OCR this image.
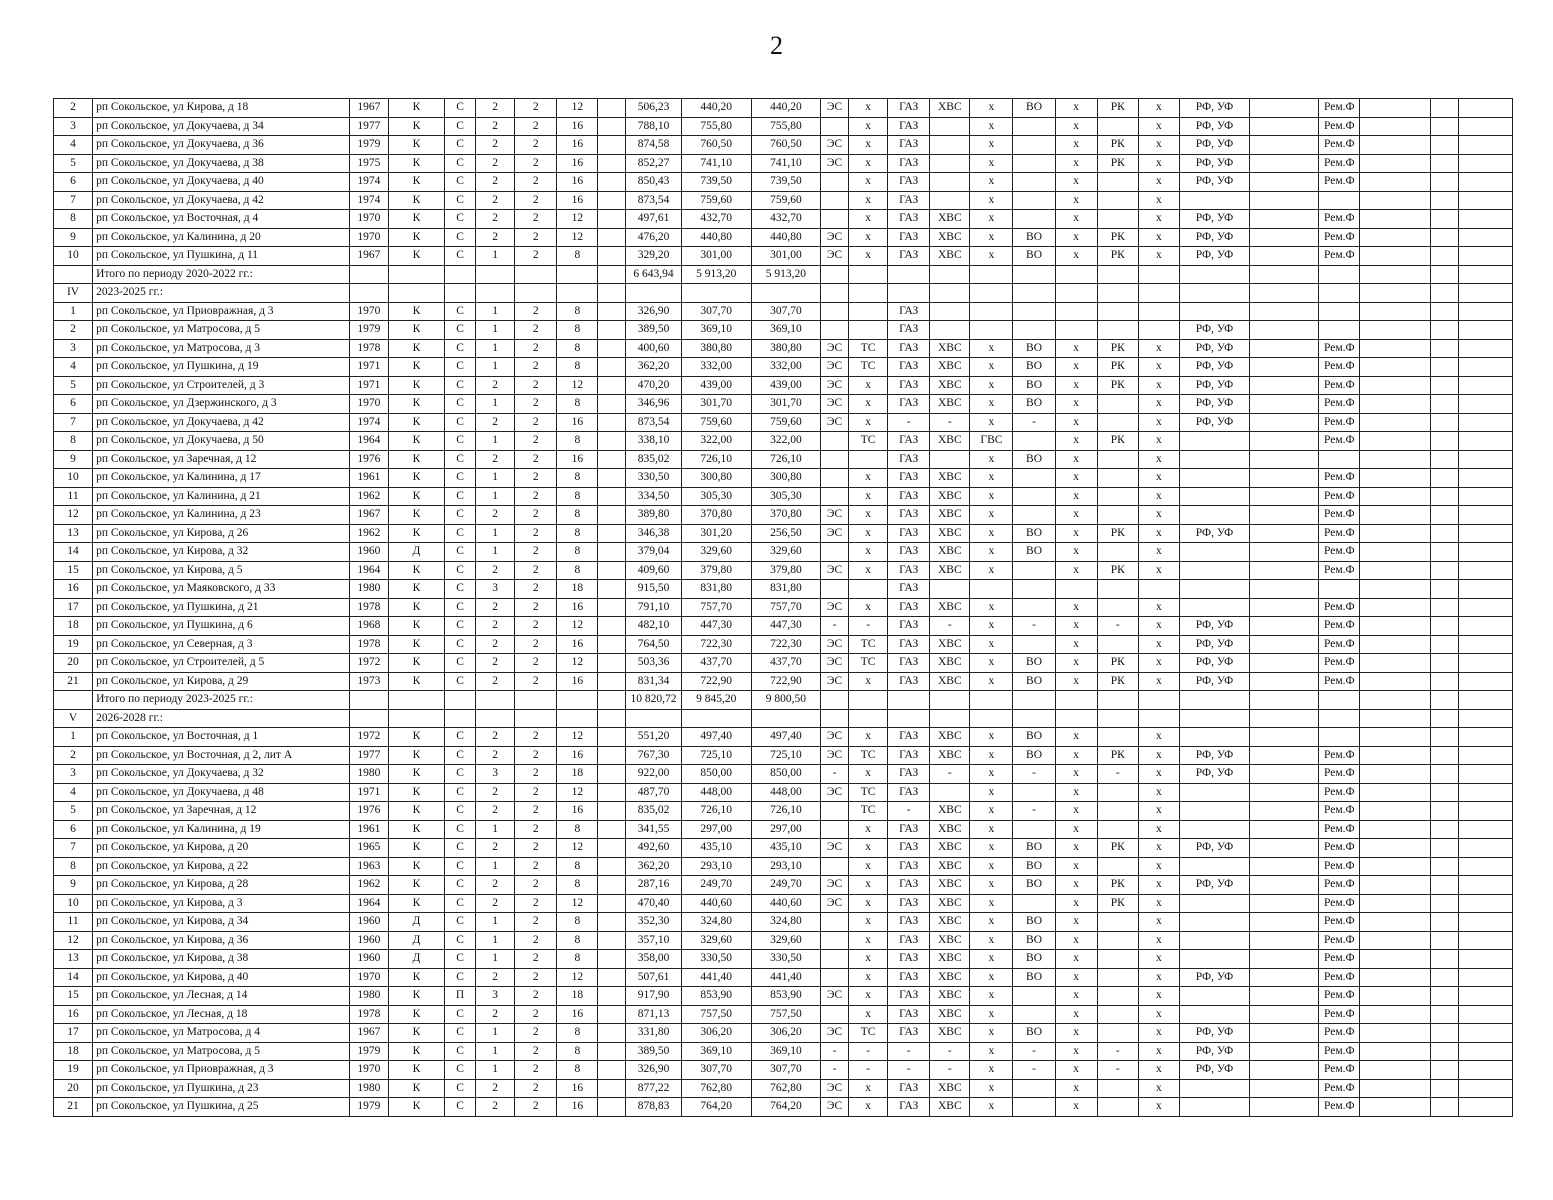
2
2	рп Сокольское, ул Кирова, д 18	1967	К	С	2	2	12		506,23	440,20	440,20	ЭС	х	ГАЗ	ХВС	х	ВО	х	РК	х	РФ, УФ		Рем.Ф			
3	рп Сокольское, ул Докучаева, д 34	1977	К	С	2	2	16		788,10	755,80	755,80		х	ГАЗ		х		х		х	РФ, УФ		Рем.Ф			
4	рп Сокольское, ул Докучаева, д 36	1979	К	С	2	2	16		874,58	760,50	760,50	ЭС	х	ГАЗ		х		х	РК	х	РФ, УФ		Рем.Ф			
5	рп Сокольское, ул Докучаева, д 38	1975	К	С	2	2	16		852,27	741,10	741,10	ЭС	х	ГАЗ		х		х	РК	х	РФ, УФ		Рем.Ф			
6	рп Сокольское, ул Докучаева, д 40	1974	К	С	2	2	16		850,43	739,50	739,50		х	ГАЗ		х		х		х	РФ, УФ		Рем.Ф			
7	рп Сокольское, ул Докучаева, д 42	1974	К	С	2	2	16		873,54	759,60	759,60		х	ГАЗ		х		х		х						
8	рп Сокольское, ул Восточная, д 4	1970	К	С	2	2	12		497,61	432,70	432,70		х	ГАЗ	ХВС	х		х		х	РФ, УФ		Рем.Ф			
9	рп Сокольское, ул Калинина, д 20	1970	К	С	2	2	12		476,20	440,80	440,80	ЭС	х	ГАЗ	ХВС	х	ВО	х	РК	х	РФ, УФ		Рем.Ф			
10	рп Сокольское, ул Пушкина, д 11	1967	К	С	1	2	8		329,20	301,00	301,00	ЭС	х	ГАЗ	ХВС	х	ВО	х	РК	х	РФ, УФ		Рем.Ф			
	Итого по периоду 2020-2022 гг.:								6 643,94	5 913,20	5 913,20															
IV	2023-2025 гг.:																									
1	рп Сокольское, ул Приовражная, д 3	1970	К	С	1	2	8		326,90	307,70	307,70			ГАЗ												
2	рп Сокольское, ул Матросова, д 5	1979	К	С	1	2	8		389,50	369,10	369,10			ГАЗ							РФ, УФ					
3	рп Сокольское, ул Матросова, д 3	1978	К	С	1	2	8		400,60	380,80	380,80	ЭС	ТС	ГАЗ	ХВС	х	ВО	х	РК	х	РФ, УФ		Рем.Ф			
4	рп Сокольское, ул Пушкина, д 19	1971	К	С	1	2	8		362,20	332,00	332,00	ЭС	ТС	ГАЗ	ХВС	х	ВО	х	РК	х	РФ, УФ		Рем.Ф			
5	рп Сокольское, ул Строителей, д 3	1971	К	С	2	2	12		470,20	439,00	439,00	ЭС	х	ГАЗ	ХВС	х	ВО	х	РК	х	РФ, УФ		Рем.Ф			
6	рп Сокольское, ул Дзержинского, д 3	1970	К	С	1	2	8		346,96	301,70	301,70	ЭС	х	ГАЗ	ХВС	х	ВО	х		х	РФ, УФ		Рем.Ф			
7	рп Сокольское, ул Докучаева, д 42	1974	К	С	2	2	16		873,54	759,60	759,60	ЭС	х	-	-	х	-	х		х	РФ, УФ		Рем.Ф			
8	рп Сокольское, ул Докучаева, д 50	1964	К	С	1	2	8		338,10	322,00	322,00		ТС	ГАЗ	ХВС	ГВС		х	РК	х			Рем.Ф			
9	рп Сокольское, ул Заречная, д 12	1976	К	С	2	2	16		835,02	726,10	726,10			ГАЗ		х	ВО	х		х						
10	рп Сокольское, ул Калинина, д 17	1961	К	С	1	2	8		330,50	300,80	300,80		х	ГАЗ	ХВС	х		х		х			Рем.Ф			
11	рп Сокольское, ул Калинина, д 21	1962	К	С	1	2	8		334,50	305,30	305,30		х	ГАЗ	ХВС	х		х		х			Рем.Ф			
12	рп Сокольское, ул Калинина, д 23	1967	К	С	2	2	8		389,80	370,80	370,80	ЭС	х	ГАЗ	ХВС	х		х		х			Рем.Ф			
13	рп Сокольское, ул Кирова, д 26	1962	К	С	1	2	8		346,38	301,20	256,50	ЭС	х	ГАЗ	ХВС	х	ВО	х	РК	х	РФ, УФ		Рем.Ф			
14	рп Сокольское, ул Кирова, д 32	1960	Д	С	1	2	8		379,04	329,60	329,60		х	ГАЗ	ХВС	х	ВО	х		х			Рем.Ф			
15	рп Сокольское, ул Кирова, д 5	1964	К	С	2	2	8		409,60	379,80	379,80	ЭС	х	ГАЗ	ХВС	х		х	РК	х			Рем.Ф			
16	рп Сокольское, ул Маяковского, д 33	1980	К	С	3	2	18		915,50	831,80	831,80			ГАЗ												
17	рп Сокольское, ул Пушкина, д 21	1978	К	С	2	2	16		791,10	757,70	757,70	ЭС	х	ГАЗ	ХВС	х		х		х			Рем.Ф			
18	рп Сокольское, ул Пушкина, д 6	1968	К	С	2	2	12		482,10	447,30	447,30	-	-	ГАЗ	-	х	-	х	-	х	РФ, УФ		Рем.Ф			
19	рп Сокольское, ул Северная, д 3	1978	К	С	2	2	16		764,50	722,30	722,30	ЭС	ТС	ГАЗ	ХВС	х		х		х	РФ, УФ		Рем.Ф			
20	рп Сокольское, ул Строителей, д 5	1972	К	С	2	2	12		503,36	437,70	437,70	ЭС	ТС	ГАЗ	ХВС	х	ВО	х	РК	х	РФ, УФ		Рем.Ф			
21	рп Сокольское, ул Кирова, д 29	1973	К	С	2	2	16		831,34	722,90	722,90	ЭС	х	ГАЗ	ХВС	х	ВО	х	РК	х	РФ, УФ		Рем.Ф			
	Итого по периоду 2023-2025 гг.:								10 820,72	9 845,20	9 800,50															
V	2026-2028 гг.:																									
1	рп Сокольское, ул Восточная, д 1	1972	К	С	2	2	12		551,20	497,40	497,40	ЭС	х	ГАЗ	ХВС	х	ВО	х		х						
2	рп Сокольское, ул Восточная, д 2, лит А	1977	К	С	2	2	16		767,30	725,10	725,10	ЭС	ТС	ГАЗ	ХВС	х	ВО	х	РК	х	РФ, УФ		Рем.Ф			
3	рп Сокольское, ул Докучаева, д 32	1980	К	С	3	2	18		922,00	850,00	850,00	-	х	ГАЗ	-	х	-	х	-	х	РФ, УФ		Рем.Ф			
4	рп Сокольское, ул Докучаева, д 48	1971	К	С	2	2	12		487,70	448,00	448,00	ЭС	ТС	ГАЗ		х		х		х			Рем.Ф			
5	рп Сокольское, ул Заречная, д 12	1976	К	С	2	2	16		835,02	726,10	726,10		ТС	-	ХВС	х	-	х		х			Рем.Ф			
6	рп Сокольское, ул Калинина, д 19	1961	К	С	1	2	8		341,55	297,00	297,00		х	ГАЗ	ХВС	х		х		х			Рем.Ф			
7	рп Сокольское, ул Кирова, д 20	1965	К	С	2	2	12		492,60	435,10	435,10	ЭС	х	ГАЗ	ХВС	х	ВО	х	РК	х	РФ, УФ		Рем.Ф			
8	рп Сокольское, ул Кирова, д 22	1963	К	С	1	2	8		362,20	293,10	293,10		х	ГАЗ	ХВС	х	ВО	х		х			Рем.Ф			
9	рп Сокольское, ул Кирова, д 28	1962	К	С	2	2	8		287,16	249,70	249,70	ЭС	х	ГАЗ	ХВС	х	ВО	х	РК	х	РФ, УФ		Рем.Ф			
10	рп Сокольское, ул Кирова, д 3	1964	К	С	2	2	12		470,40	440,60	440,60	ЭС	х	ГАЗ	ХВС	х		х	РК	х			Рем.Ф			
11	рп Сокольское, ул Кирова, д 34	1960	Д	С	1	2	8		352,30	324,80	324,80		х	ГАЗ	ХВС	х	ВО	х		х			Рем.Ф			
12	рп Сокольское, ул Кирова, д 36	1960	Д	С	1	2	8		357,10	329,60	329,60		х	ГАЗ	ХВС	х	ВО	х		х			Рем.Ф			
13	рп Сокольское, ул Кирова, д 38	1960	Д	С	1	2	8		358,00	330,50	330,50		х	ГАЗ	ХВС	х	ВО	х		х			Рем.Ф			
14	рп Сокольское, ул Кирова, д 40	1970	К	С	2	2	12		507,61	441,40	441,40		х	ГАЗ	ХВС	х	ВО	х		х	РФ, УФ		Рем.Ф			
15	рп Сокольское, ул Лесная, д 14	1980	К	П	3	2	18		917,90	853,90	853,90	ЭС	х	ГАЗ	ХВС	х		х		х			Рем.Ф			
16	рп Сокольское, ул Лесная, д 18	1978	К	С	2	2	16		871,13	757,50	757,50		х	ГАЗ	ХВС	х		х		х			Рем.Ф			
17	рп Сокольское, ул Матросова, д 4	1967	К	С	1	2	8		331,80	306,20	306,20	ЭС	ТС	ГАЗ	ХВС	х	ВО	х		х	РФ, УФ		Рем.Ф			
18	рп Сокольское, ул Матросова, д 5	1979	К	С	1	2	8		389,50	369,10	369,10	-	-	-	-	х	-	х	-	х	РФ, УФ		Рем.Ф			
19	рп Сокольское, ул Приовражная, д 3	1970	К	С	1	2	8		326,90	307,70	307,70	-	-	-	-	х	-	х	-	х	РФ, УФ		Рем.Ф			
20	рп Сокольское, ул Пушкина, д 23	1980	К	С	2	2	16		877,22	762,80	762,80	ЭС	х	ГАЗ	ХВС	х		х		х			Рем.Ф			
21	рп Сокольское, ул Пушкина, д 25	1979	К	С	2	2	16		878,83	764,20	764,20	ЭС	х	ГАЗ	ХВС	х		х		х			Рем.Ф			
